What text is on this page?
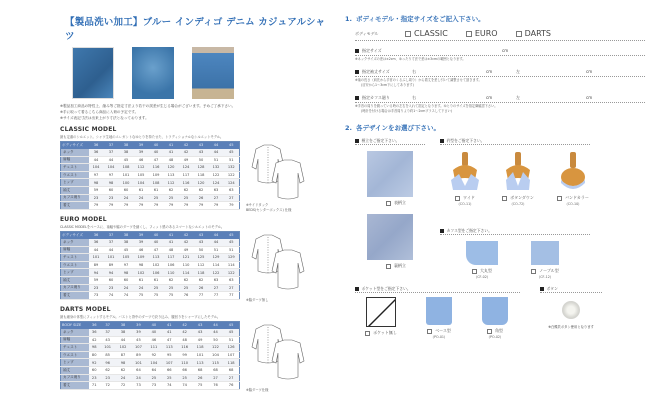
【製品洗い加工】ブルー インディゴ デニム カジュアルシャツ
※製品加工商品の特性上、縮み等ご指定寸法より若干の誤差が生じる場合がございます。予めご了承下さい。
※手に取って着るこちら商品に入荷の予定です。
※サイズ表記寸法は出来上がり寸法となっております。
CLASSIC MODEL
最も定番のシルエット。シャツ生地のエレガントなゆとりを持たせた、トラディショナルなシルエットモデル。
ボディサイズ	36	37	38	39	40	41	42	43	44	45
ネック	36	37	38	39	40	41	42	43	44	45
肩幅	44	44	45	46	47	48	49	50	51	51
チェスト	104	104	108	112	116	120	124	128	132	132
ウエスト	97	97	101	105	109	113	117	118	122	122
ヒップ	98	98	100	104	108	112	116	120	124	124
袖丈	59	60	60	61	61	62	62	62	63	63
カフス廻り	23	23	24	24	25	25	25	26	27	27
着丈	79	79	79	79	79	79	79	79	79	79	※サイドタック
BEDS(センターボックス) 仕様
EURO MODEL
CLASSIC MODELをベースに、袖幅や脇のダーツを細くし、フィット感のあるスマートなシルエットのモデル。
ボディサイズ	36	37	38	39	40	41	42	43	44	45
ネック	36	37	38	39	40	41	42	43	44	45
肩幅	44	44	45	46	47	48	49	50	51	51
チェスト	101	101	105	109	113	117	121	125	129	129
ウエスト	89	89	97	98	102	106	110	112	114	114
ヒップ	94	94	98	102	106	110	114	118	122	122
袖丈	59	60	60	61	61	62	62	62	63	63
カフス廻り	23	23	24	24	25	25	25	26	27	27
着丈	73	74	74	75	75	75	76	77	77	77
※脇ダーツ無し
DARTS MODEL
最も細身の体型にフィットするモデル。バストと背中のダーツで絞り込み、腰回りをシャープにしたモデル。
BODY SIZE	36	37	38	39	40	41	42	43	44	45
ネック	36	37	38	39	40	41	42	43	44	45
肩幅	42	43	44	45	46	47	48	49	50	51
チェスト	98	101	102	107	111	113	116	118	122	126
ウエスト	80	85	87	89	92	95	99	101	104	107
ヒップ	92	96	98	101	104	107	110	113	115	118
袖丈	60	62	62	64	64	66	66	68	68	68
カフス廻り	23	23	24	24	25	25	25	26	27	27
着丈	71	72	72	73	73	74	74	75	76	76
※脇ダーツ仕様
1. ボディモデル・指定サイズをご記入下さい。
ボディモデル	CLASSIC	EURO	DARTS
指定サイズ	cm
※ネックサイズの差は±2cm、ゆったり寸法で差は±3cmの範囲となります。
指定袖丈サイズ	右	cm	左	cm
※袖の長さ（肩先から手首のくるぶし周り）から着丈を差し引いて調整させて頂きます。
(目安から1〜3cm下にしてあります)
指定カフス廻り	右	cm	左	cm
※手首の周りを測っている時の左右を入れて指定となります。ゆとりのサイズを指定御確認下さい。
(時計を付ける場合は手首周りより約1〜2cmプラスして下さい)
2. 各デザインをお選び下さい。
柄立をご指定下さい。
表柄立
裏柄立
衿型をご指定下さい。
ワイド
(CO-11)
ボタンダウン
(CO-72)
バンドカラー
(CO-10)
カフス型をご指定下さい。
大丸型
(CF-02)
ノーブル型
(CF-12)
ポケット型をご指定下さい。
ポケット無し	ベース型
(PO-01)
角型
(PO-02)
ボタン
※白蝶貝ボタン使用となります
